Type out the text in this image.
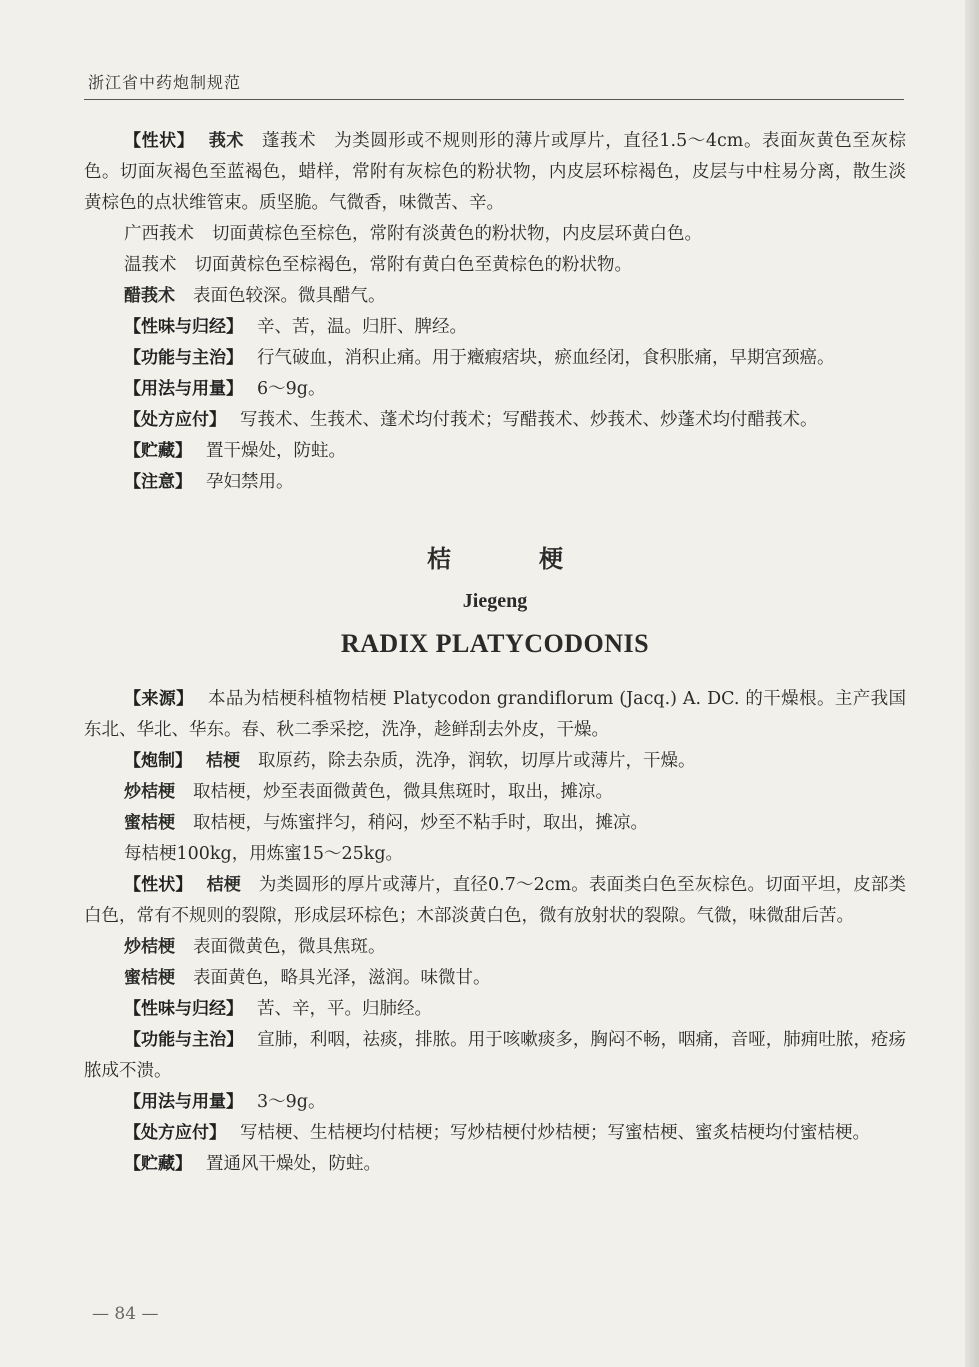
浙江省中药炮制规范

【性状】 莪术 蓬莪术 为类圆形或不规则形的薄片或厚片，直径1.5～4cm。表面灰黄色至灰棕色。切面灰褐色至蓝褐色，蜡样，常附有灰棕色的粉状物，内皮层环棕褐色，皮层与中柱易分离，散生淡黄棕色的点状维管束。质坚脆。气微香，味微苦、辛。

广西莪术 切面黄棕色至棕色，常附有淡黄色的粉状物，内皮层环黄白色。

温莪术 切面黄棕色至棕褐色，常附有黄白色至黄棕色的粉状物。

醋莪术 表面色较深。微具醋气。

【性味与归经】 辛、苦，温。归肝、脾经。

【功能与主治】 行气破血，消积止痛。用于癥瘕痞块，瘀血经闭，食积胀痛，早期宫颈癌。

【用法与用量】 6～9g。

【处方应付】 写莪术、生莪术、蓬术均付莪术；写醋莪术、炒莪术、炒蓬术均付醋莪术。

【贮藏】 置干燥处，防蛀。

【注意】 孕妇禁用。

桔梗
Jiegeng
RADIX PLATYCODONIS

【来源】 本品为桔梗科植物桔梗 Platycodon grandiflorum (Jacq.) A. DC. 的干燥根。主产我国东北、华北、华东。春、秋二季采挖，洗净，趁鲜刮去外皮，干燥。

【炮制】 桔梗 取原药，除去杂质，洗净，润软，切厚片或薄片，干燥。

炒桔梗 取桔梗，炒至表面微黄色，微具焦斑时，取出，摊凉。

蜜桔梗 取桔梗，与炼蜜拌匀，稍闷，炒至不粘手时，取出，摊凉。

每桔梗100kg，用炼蜜15～25kg。

【性状】 桔梗 为类圆形的厚片或薄片，直径0.7～2cm。表面类白色至灰棕色。切面平坦，皮部类白色，常有不规则的裂隙，形成层环棕色；木部淡黄白色，微有放射状的裂隙。气微，味微甜后苦。

炒桔梗 表面微黄色，微具焦斑。

蜜桔梗 表面黄色，略具光泽，滋润。味微甘。

【性味与归经】 苦、辛，平。归肺经。

【功能与主治】 宣肺，利咽，祛痰，排脓。用于咳嗽痰多，胸闷不畅，咽痛，音哑，肺痈吐脓，疮疡脓成不溃。

【用法与用量】 3～9g。

【处方应付】 写桔梗、生桔梗均付桔梗；写炒桔梗付炒桔梗；写蜜桔梗、蜜炙桔梗均付蜜桔梗。

【贮藏】 置通风干燥处，防蛀。

— 84 —
